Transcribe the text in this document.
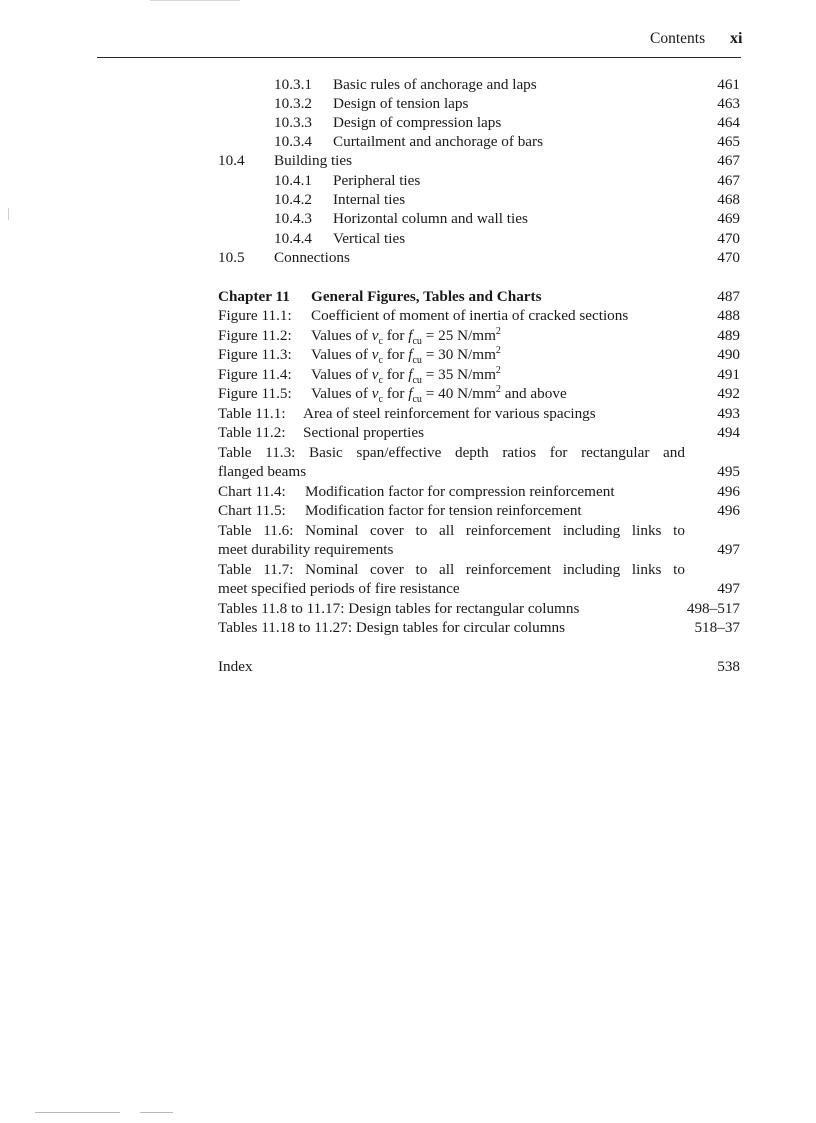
Contents xi
10.3.1 Basic rules of anchorage and laps	461
10.3.2 Design of tension laps	463
10.3.3 Design of compression laps	464
10.3.4 Curtailment and anchorage of bars	465
10.4 Building ties	467
10.4.1 Peripheral ties	467
10.4.2 Internal ties	468
10.4.3 Horizontal column and wall ties	469
10.4.4 Vertical ties	470
10.5 Connections	470
Chapter 11 General Figures, Tables and Charts	487
Figure 11.1: Coefficient of moment of inertia of cracked sections	488
Figure 11.2: Values of $v_c$ for $f_{cu} = 25$ $N/mm^2$	489
Figure 11.3: Values of $v_c$ for $f_{cu} = 30$ $N/mm^2$	490
Figure 11.4: Values of $v_c$ for $f_{cu} = 35$ $N/mm^2$	491
Figure 11.5: Values of $v_c$ for $f_{cu} = 40$ $N/mm^2$ and above	492
Table 11.1: Area of steel reinforcement for various spacings	493
Table 11.2: Sectional properties	494
Table 11.3: Basic span/effective depth ratios for rectangular and
flanged beams	495
Chart 11.4: Modification factor for compression reinforcement	496
Chart 11.5: Modification factor for tension reinforcement	496
Table 11.6: Nominal cover to all reinforcement including links to
meet durability requirements	497
Table 11.7: Nominal cover to all reinforcement including links to
meet specified periods of fire resistance	497
Tables 11.8 to 11.17: Design tables for rectangular columns	498–517
Tables 11.18 to 11.27: Design tables for circular columns	518–37
Index	538
